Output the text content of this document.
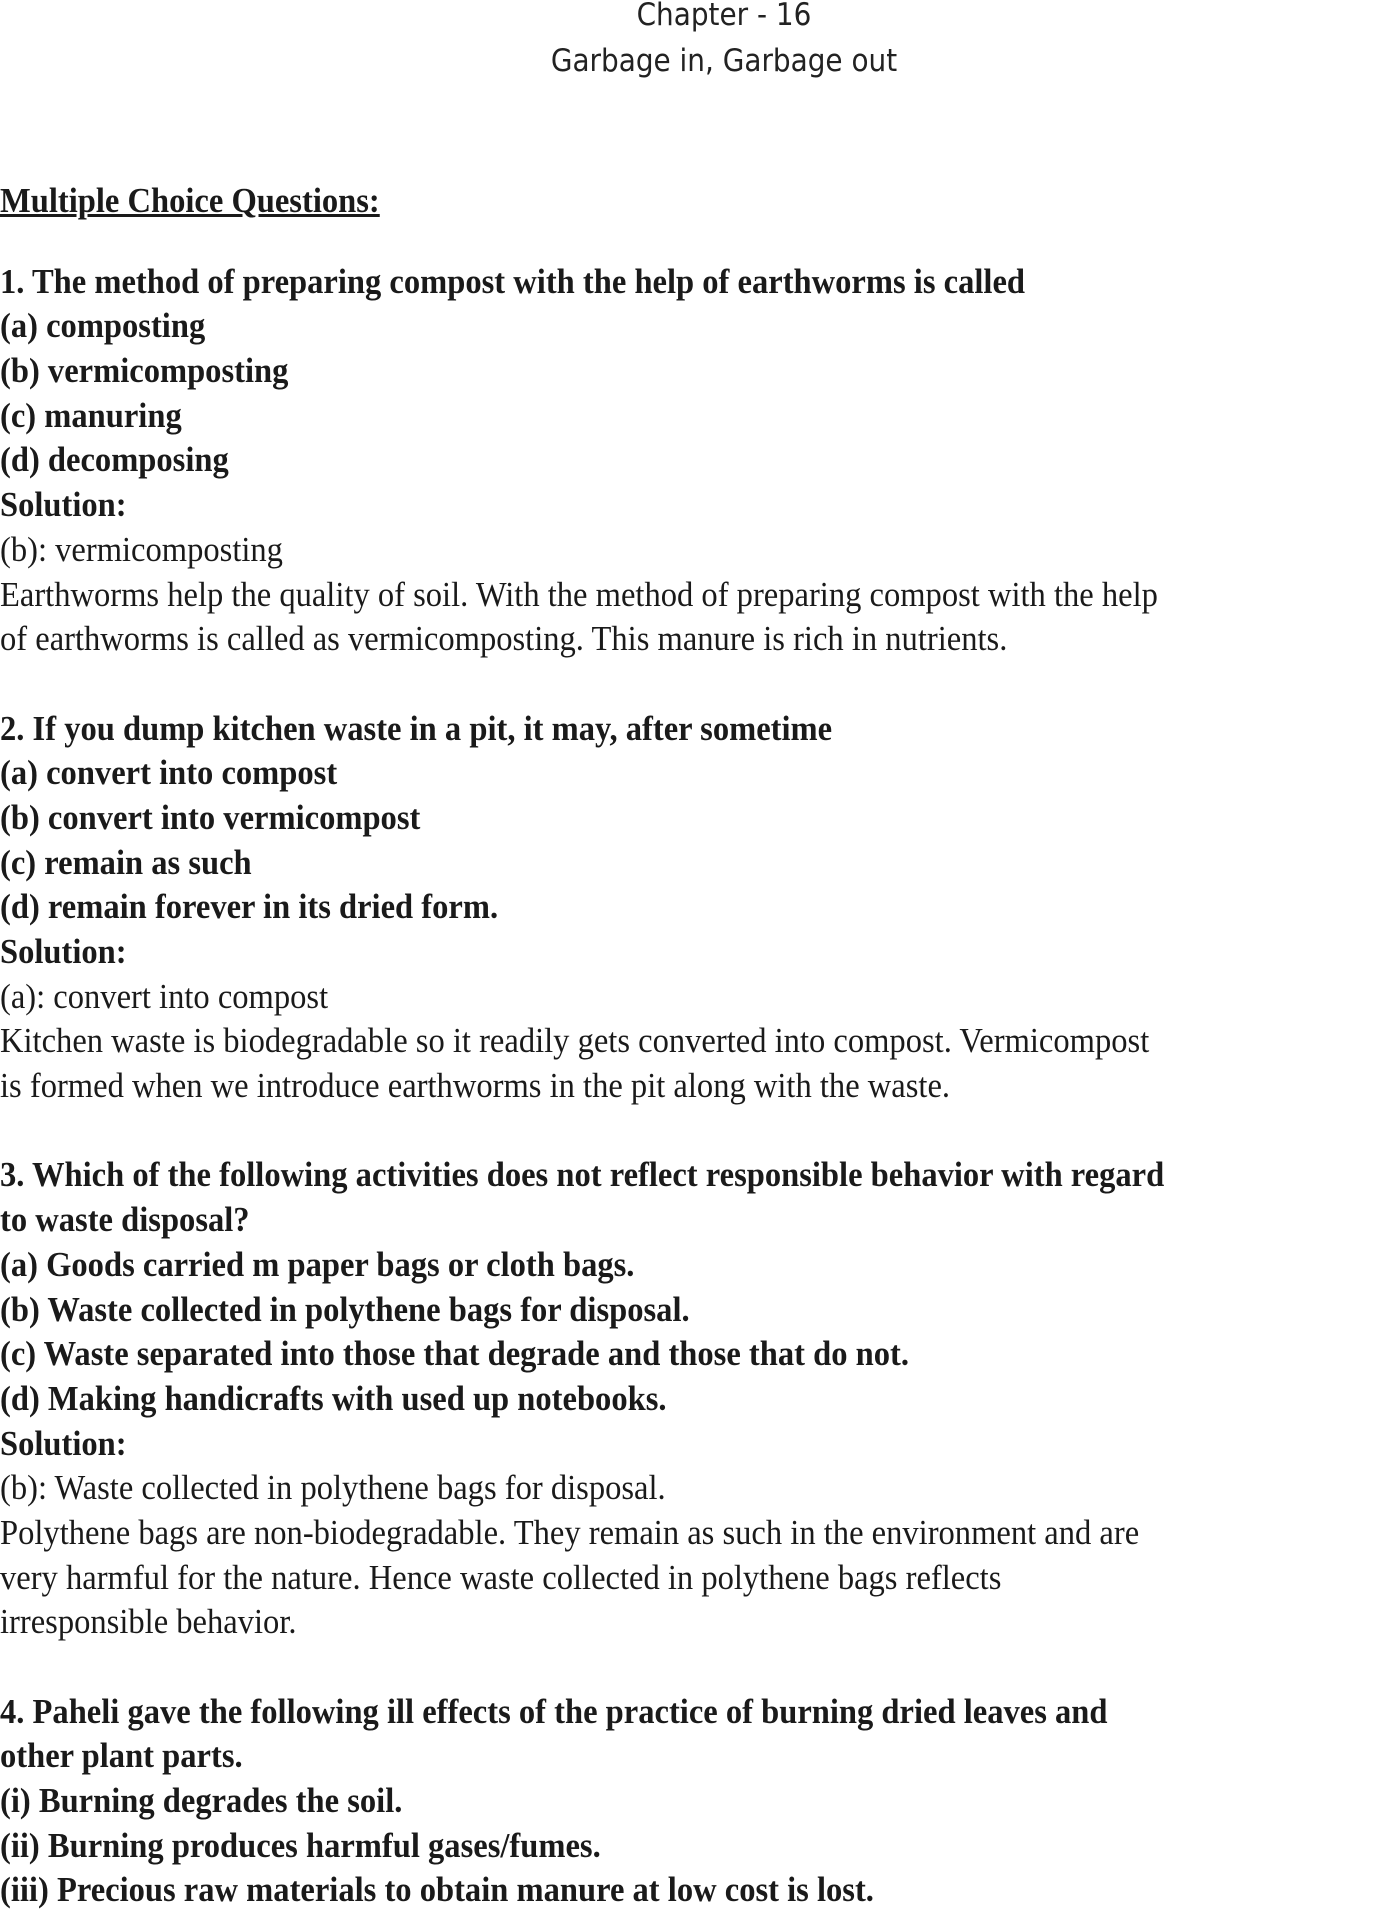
Chapter - 16
Garbage in, Garbage out
Multiple Choice Questions:
1. The method of preparing compost with the help of earthworms is called
(a) composting
(b) vermicomposting
(c) manuring
(d) decomposing
Solution:
(b): vermicomposting
Earthworms help the quality of soil. With the method of preparing compost with the help
of earthworms is called as vermicomposting. This manure is rich in nutrients.
2. If you dump kitchen waste in a pit, it may, after sometime
(a) convert into compost
(b) convert into vermicompost
(c) remain as such
(d) remain forever in its dried form.
Solution:
(a): convert into compost
Kitchen waste is biodegradable so it readily gets converted into compost. Vermicompost
is formed when we introduce earthworms in the pit along with the waste.
3. Which of the following activities does not reflect responsible behavior with regard
to waste disposal?
(a) Goods carried m paper bags or cloth bags.
(b) Waste collected in polythene bags for disposal.
(c) Waste separated into those that degrade and those that do not.
(d) Making handicrafts with used up notebooks.
Solution:
(b): Waste collected in polythene bags for disposal.
Polythene bags are non-biodegradable. They remain as such in the environment and are
very harmful for the nature. Hence waste collected in polythene bags reflects
irresponsible behavior.
4. Paheli gave the following ill effects of the practice of burning dried leaves and
other plant parts.
(i) Burning degrades the soil.
(ii) Burning produces harmful gases/fumes.
(iii) Precious raw materials to obtain manure at low cost is lost.
